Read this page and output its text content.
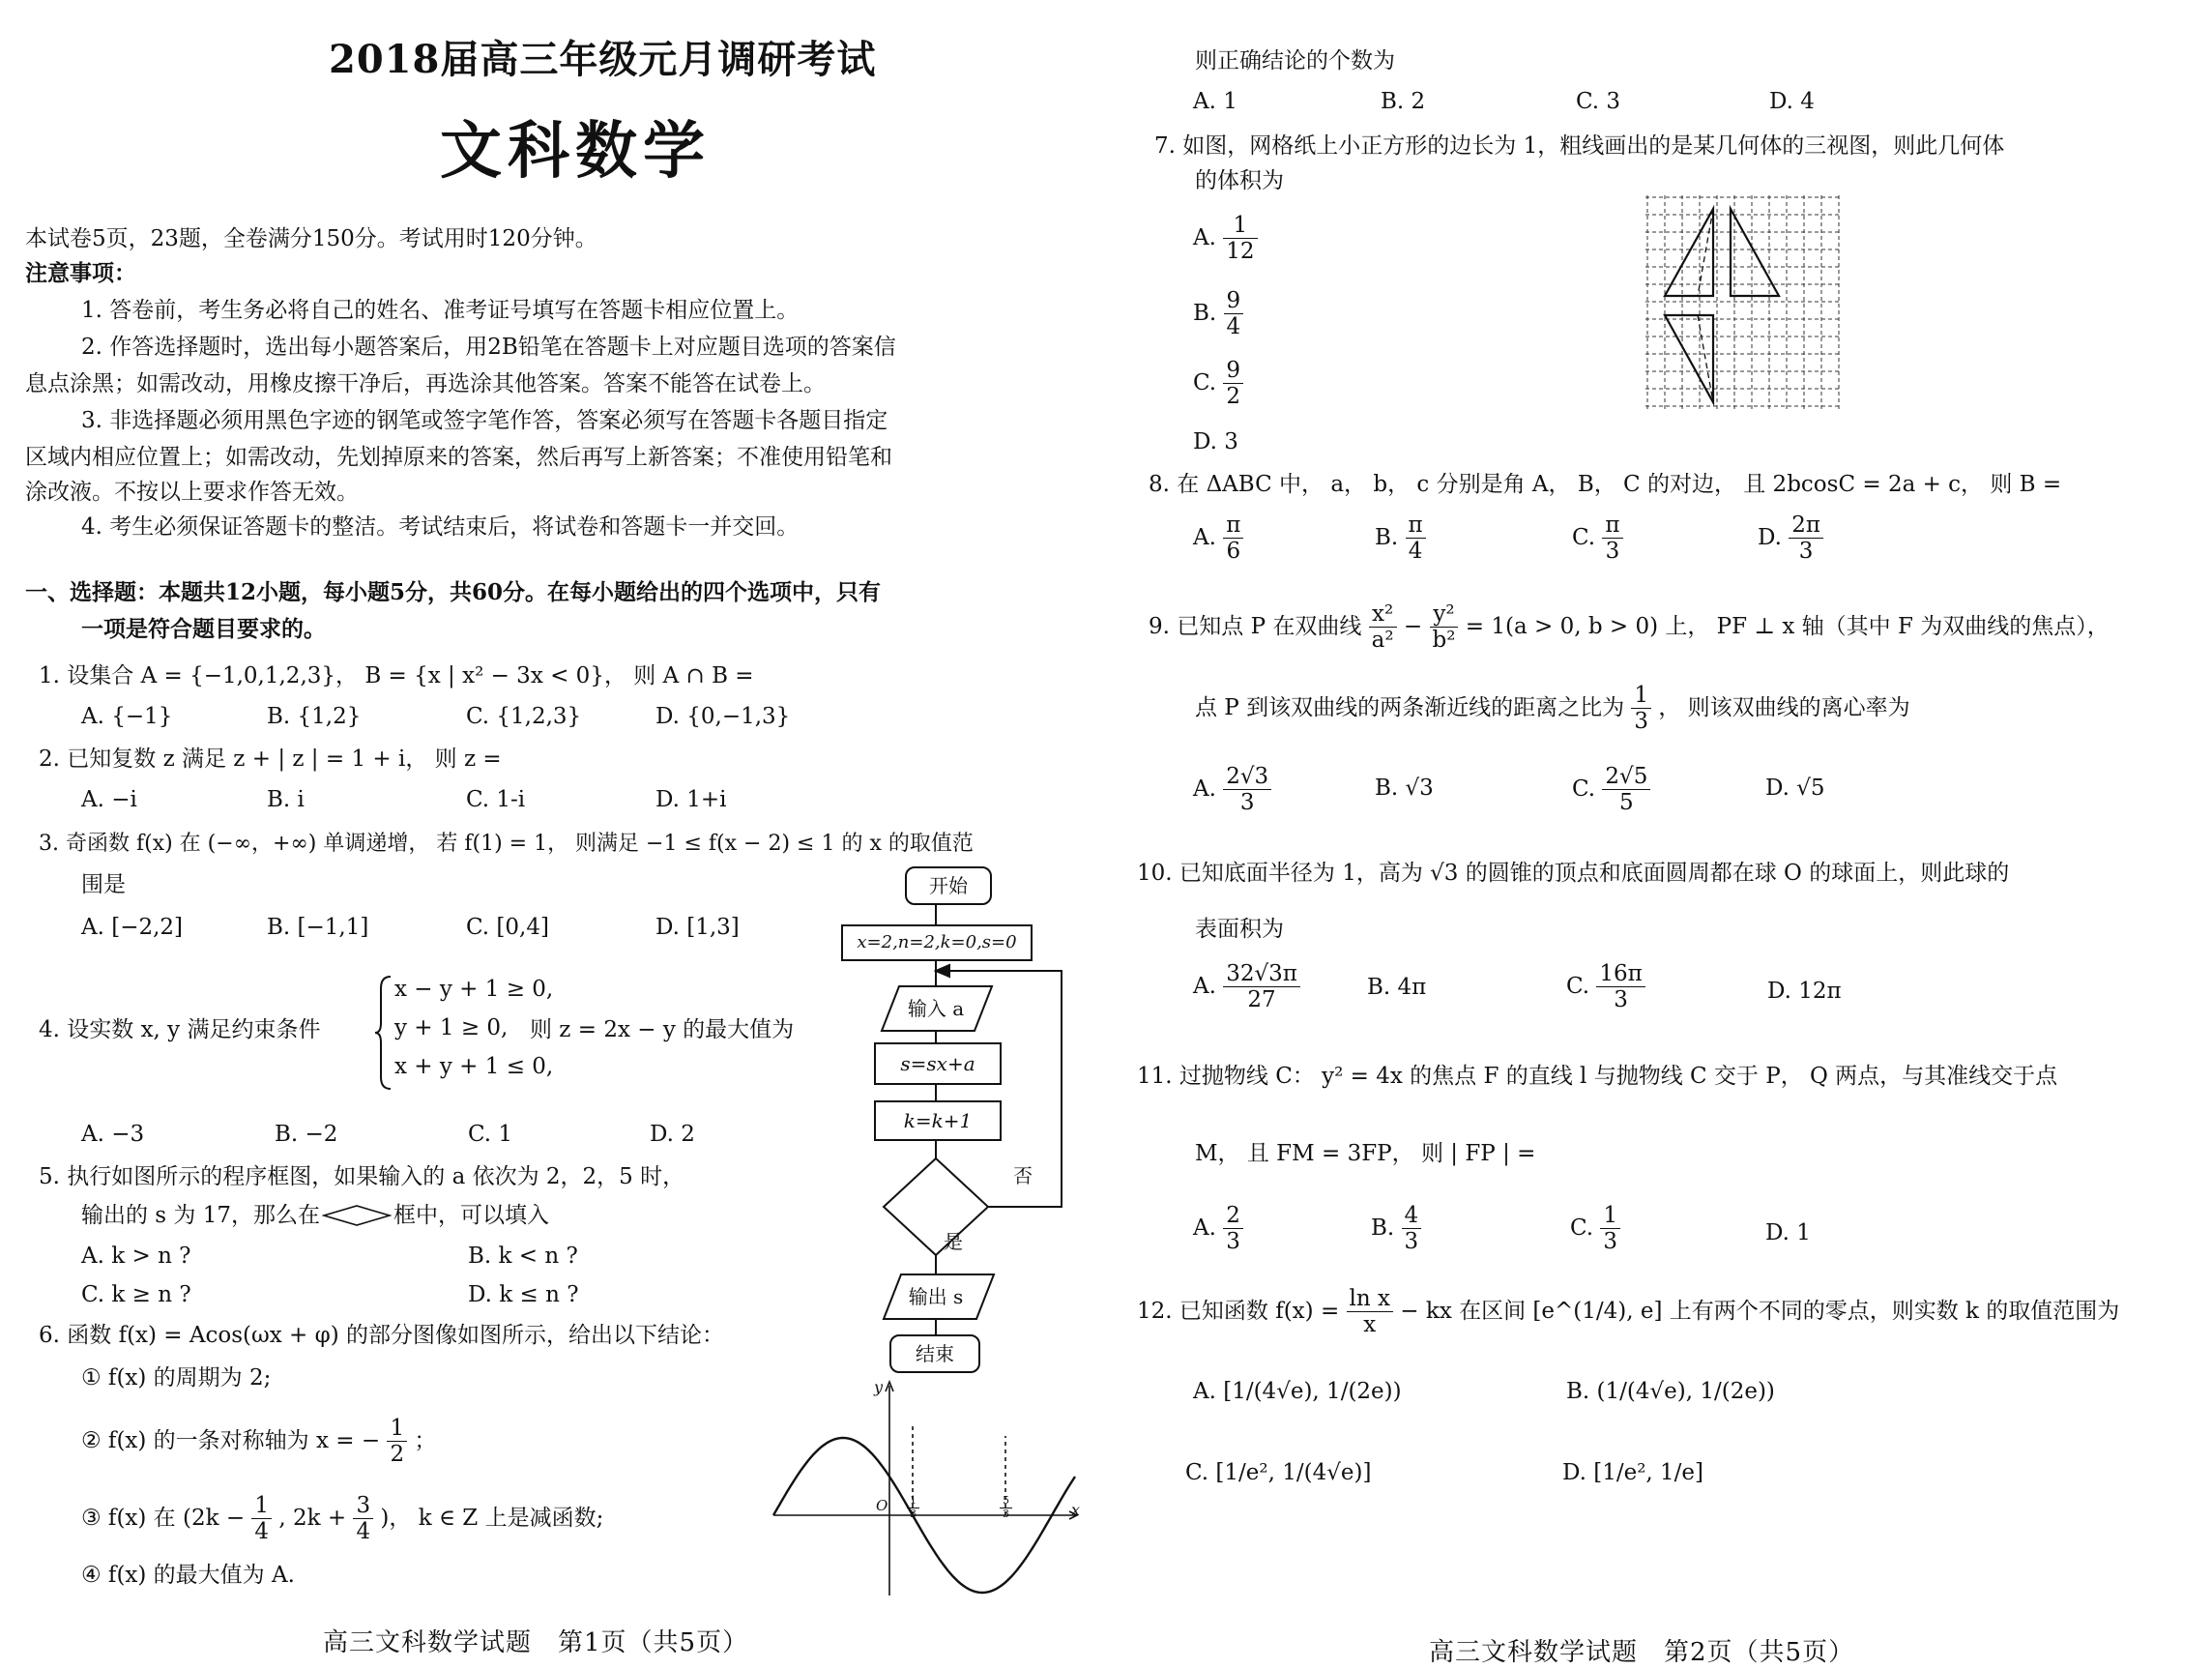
2018届高三年级元月调研考试
文科数学
本试卷5页，23题，全卷满分150分。考试用时120分钟。
注意事项：
1. 答卷前，考生务必将自己的姓名、准考证号填写在答题卡相应位置上。
2. 作答选择题时，选出每小题答案后，用2B铅笔在答题卡上对应题目选项的答案信
息点涂黑；如需改动，用橡皮擦干净后，再选涂其他答案。答案不能答在试卷上。
3. 非选择题必须用黑色字迹的钢笔或签字笔作答，答案必须写在答题卡各题目指定
区域内相应位置上；如需改动，先划掉原来的答案，然后再写上新答案；不准使用铅笔和
涂改液。不按以上要求作答无效。
4. 考生必须保证答题卡的整洁。考试结束后，将试卷和答题卡一并交回。
一、选择题：本题共12小题，每小题5分，共60分。在每小题给出的四个选项中，只有
一项是符合题目要求的。
1. 设集合 A = {−1,0,1,2,3}， B = {x | x² − 3x < 0}， 则 A ∩ B =
A. {−1}	B. {1,2}	C. {1,2,3}	D. {0,−1,3}
2. 已知复数 z 满足 z + | z | = 1 + i， 则 z =
A. −i	B. i	C. 1-i	D. 1+i
3. 奇函数 f(x) 在 (−∞，+∞) 单调递增， 若 f(1) = 1， 则满足 −1 ≤ f(x − 2) ≤ 1 的 x 的取值范
围是
A. [−2,2]	B. [−1,1]	C. [0,4]	D. [1,3]
4. 设实数 x, y 满足约束条件
x − y + 1 ≥ 0,
y + 1 ≥ 0,
x + y + 1 ≤ 0,
则 z = 2x − y 的最大值为
A. −3	B. −2	C. 1	D. 2
5. 执行如图所示的程序框图，如果输入的 a 依次为 2，2，5 时，
输出的 s 为 17，那么在	框中，可以填入
A. k > n ?	B. k < n ?
C. k ≥ n ?	D. k ≤ n ?
6. 函数 f(x) = Acos(ωx + φ) 的部分图像如图所示，给出以下结论：
① f(x) 的周期为 2;
② f(x) 的一条对称轴为 x = − $\frac{1}{2}$ ；
③ f(x) 在 ($2k - \frac{1}{4}$ , $2k + \frac{3}{4}$ )， k ∈ Z 上是减函数;
④ f(x) 的最大值为 A.
开始
x=2,n=2,k=0,s=0
输入 a
s=sx+a
k=k+1
否
是
输出 s
结束
y
x
O $\frac{1}{3}$	$\frac{5}{3}$
高三文科数学试题　第1页（共5页）
则正确结论的个数为
A. 1	B. 2	C. 3	D. 4
7. 如图，网格纸上小正方形的边长为 1，粗线画出的是某几何体的三视图，则此几何体
的体积为
A. $\frac{1}{12}$
B. $\frac{9}{4}$
C. $\frac{9}{2}$
D. 3
8. 在 ΔABC 中， a， b， c 分别是角 A， B， C 的对边， 且 2bcosC = 2a + c， 则 B =
A. $\frac{\pi}{6}$	B. $\frac{\pi}{4}$	C. $\frac{\pi}{3}$	D. $\frac{2\pi}{3}$
9. 已知点 P 在双曲线 $\frac{\text{x²}}{\text{a²}} - \frac{\text{y²}}{\text{b²}} = 1(a > 0$, b > 0) 上， PF ⊥ x 轴（其中 F 为双曲线的焦点），
点 P 到该双曲线的两条渐近线的距离之比为 $\frac{1}{3}$ ， 则该双曲线的离心率为
A. $\frac{2√3}{3}$	B. √3	C. $\frac{2√5}{5}$	D. √5
10. 已知底面半径为 1，高为 √3 的圆锥的顶点和底面圆周都在球 O 的球面上，则此球的
表面积为
A. $\frac{32√3\pi}{27}$	B. 4π	C. $\frac{16\pi}{3}$	D. 12π
11. 过抛物线 C： y² = 4x 的焦点 F 的直线 l 与抛物线 C 交于 P， Q 两点，与其准线交于点
M， 且 FM = 3FP， 则 | FP | =
A. $\frac{2}{3}$	B. $\frac{4}{3}$	C. $\frac{1}{3}$	D. 1
12. 已知函数 $f(x) = \frac{\text{ln x}}{x}$ − kx 在区间 [e^(1/4), e] 上有两个不同的零点，则实数 k 的取值范围为
A. [1/(4√e), 1/(2e))	B. (1/(4√e), 1/(2e))
C. [1/e², 1/(4√e)]	D. [1/e², 1/e]
高三文科数学试题　第2页（共5页）
